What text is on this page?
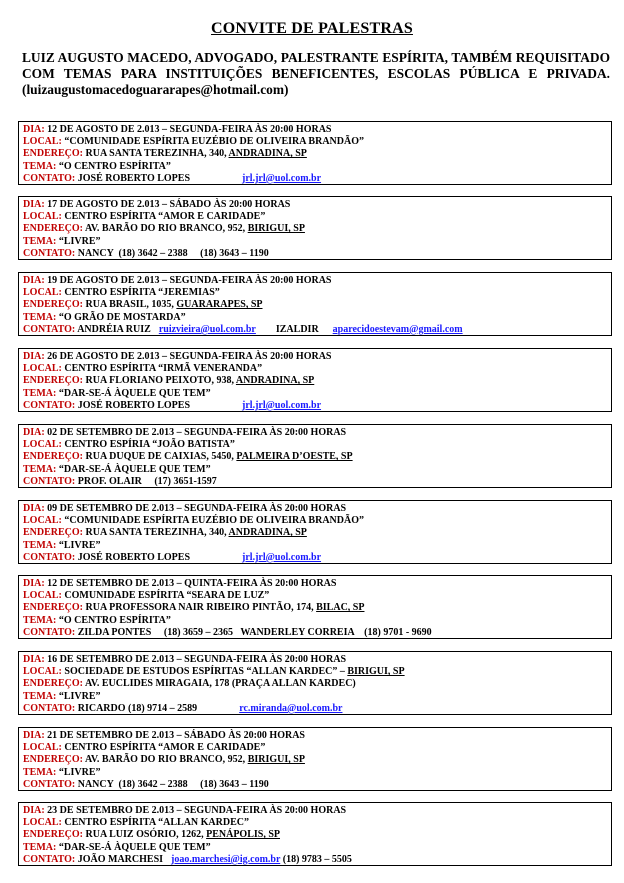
CONVITE DE PALESTRAS
LUIZ AUGUSTO MACEDO, ADVOGADO, PALESTRANTE ESPÍRITA, TAMBÉM REQUISITADO
COM TEMAS PARA INSTITUIÇÕES BENEFICENTES, ESCOLAS PÚBLICA E PRIVADA.
(luizaugustomacedoguararapes@hotmail.com)
DIA: 12 DE AGOSTO DE 2.013 – SEGUNDA-FEIRA ÀS 20:00 HORAS
LOCAL: “COMUNIDADE ESPÍRITA EUZÉBIO DE OLIVEIRA BRANDÃO”
ENDEREÇO: RUA SANTA TEREZINHA, 340, ANDRADINA, SP
TEMA: “O CENTRO ESPÍRITA”
CONTATO: JOSÉ ROBERTO LOPES	jrl.jrl@uol.com.br
DIA: 17 DE AGOSTO DE 2.013 – SÁBADO ÀS 20:00 HORAS
LOCAL: CENTRO ESPÍRITA “AMOR E CARIDADE”
ENDEREÇO: AV. BARÃO DO RIO BRANCO, 952, BIRIGUI, SP
TEMA: “LIVRE”
CONTATO: NANCY  (18) 3642 – 2388     (18) 3643 – 1190
DIA: 19 DE AGOSTO DE 2.013 – SEGUNDA-FEIRA ÀS 20:00 HORAS
LOCAL: CENTRO ESPÍRITA “JEREMIAS”
ENDEREÇO: RUA BRASIL, 1035, GUARARAPES, SP
TEMA: “O GRÃO DE MOSTARDA”
CONTATO: ANDRÉIA RUIZ ruizvieira@uol.com.br IZALDIR aparecidoestevam@gmail.com
DIA: 26 DE AGOSTO DE 2.013 – SEGUNDA-FEIRA ÀS 20:00 HORAS
LOCAL: CENTRO ESPÍRITA “IRMÃ VENERANDA”
ENDEREÇO: RUA FLORIANO PEIXOTO, 938, ANDRADINA, SP
TEMA: “DAR-SE-Á ÀQUELE QUE TEM”
CONTATO: JOSÉ ROBERTO LOPES	jrl.jrl@uol.com.br
DIA: 02 DE SETEMBRO DE 2.013 – SEGUNDA-FEIRA ÀS 20:00 HORAS
LOCAL: CENTRO ESPÍRIA “JOÃO BATISTA”
ENDEREÇO: RUA DUQUE DE CAIXIAS, 5450, PALMEIRA D’OESTE, SP
TEMA: “DAR-SE-Á ÀQUELE QUE TEM”
CONTATO: PROF. OLAIR     (17) 3651-1597
DIA: 09 DE SETEMBRO DE 2.013 – SEGUNDA-FEIRA ÀS 20:00 HORAS
LOCAL: “COMUNIDADE ESPÍRITA EUZÉBIO DE OLIVEIRA BRANDÃO”
ENDEREÇO: RUA SANTA TEREZINHA, 340, ANDRADINA, SP
TEMA: “LIVRE”
CONTATO: JOSÉ ROBERTO LOPES	jrl.jrl@uol.com.br
DIA: 12 DE SETEMBRO DE 2.013 – QUINTA-FEIRA ÀS 20:00 HORAS
LOCAL: COMUNIDADE ESPÍRITA “SEARA DE LUZ”
ENDEREÇO: RUA PROFESSORA NAIR RIBEIRO PINTÃO, 174, BILAC, SP
TEMA: “O CENTRO ESPÍRITA”
CONTATO: ZILDA PONTES     (18) 3659 – 2365   WANDERLEY CORREIA    (18) 9701 - 9690
DIA: 16 DE SETEMBRO DE 2.013 – SEGUNDA-FEIRA ÀS 20:00 HORAS
LOCAL: SOCIEDADE DE ESTUDOS ESPÍRITAS “ALLAN KARDEC” – BIRIGUI, SP
ENDEREÇO: AV. EUCLIDES MIRAGAIA, 178 (PRAÇA ALLAN KARDEC)
TEMA: “LIVRE”
CONTATO: RICARDO (18) 9714 – 2589	rc.miranda@uol.com.br
DIA: 21 DE SETEMBRO DE 2.013 – SÁBADO ÀS 20:00 HORAS
LOCAL: CENTRO ESPÍRITA “AMOR E CARIDADE”
ENDEREÇO: AV. BARÃO DO RIO BRANCO, 952, BIRIGUI, SP
TEMA: “LIVRE”
CONTATO: NANCY  (18) 3642 – 2388     (18) 3643 – 1190
DIA: 23 DE SETEMBRO DE 2.013 – SEGUNDA-FEIRA ÀS 20:00 HORAS
LOCAL: CENTRO ESPÍRITA “ALLAN KARDEC”
ENDEREÇO: RUA LUIZ OSÓRIO, 1262, PENÁPOLIS, SP
TEMA: “DAR-SE-Á ÀQUELE QUE TEM”
CONTATO: JOÃO MARCHESI joao.marchesi@ig.com.br (18) 9783 – 5505
